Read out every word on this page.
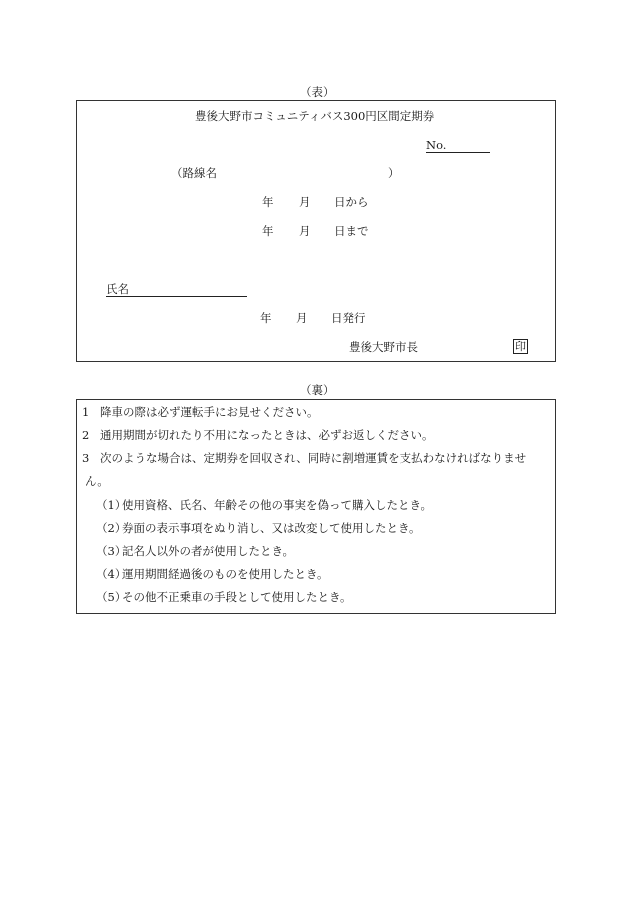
（表）
豊後大野市コミュニティバス300円区間定期券
No.
（路線名	）
年 月 日から
年 月 日まで
氏名
年 月 日発行
豊後大野市長	印
（裏）
1 降車の際は必ず運転手にお見せください。
2 通用期間が切れたり不用になったときは、必ずお返しください。
3 次のような場合は、定期券を回収され、同時に割増運賃を支払わなければなりませ
ん。
（1）使用資格、氏名、年齢その他の事実を偽って購入したとき。
（2）券面の表示事項をぬり消し、又は改変して使用したとき。
（3）記名人以外の者が使用したとき。
（4）運用期間経過後のものを使用したとき。
（5）その他不正乗車の手段として使用したとき。
